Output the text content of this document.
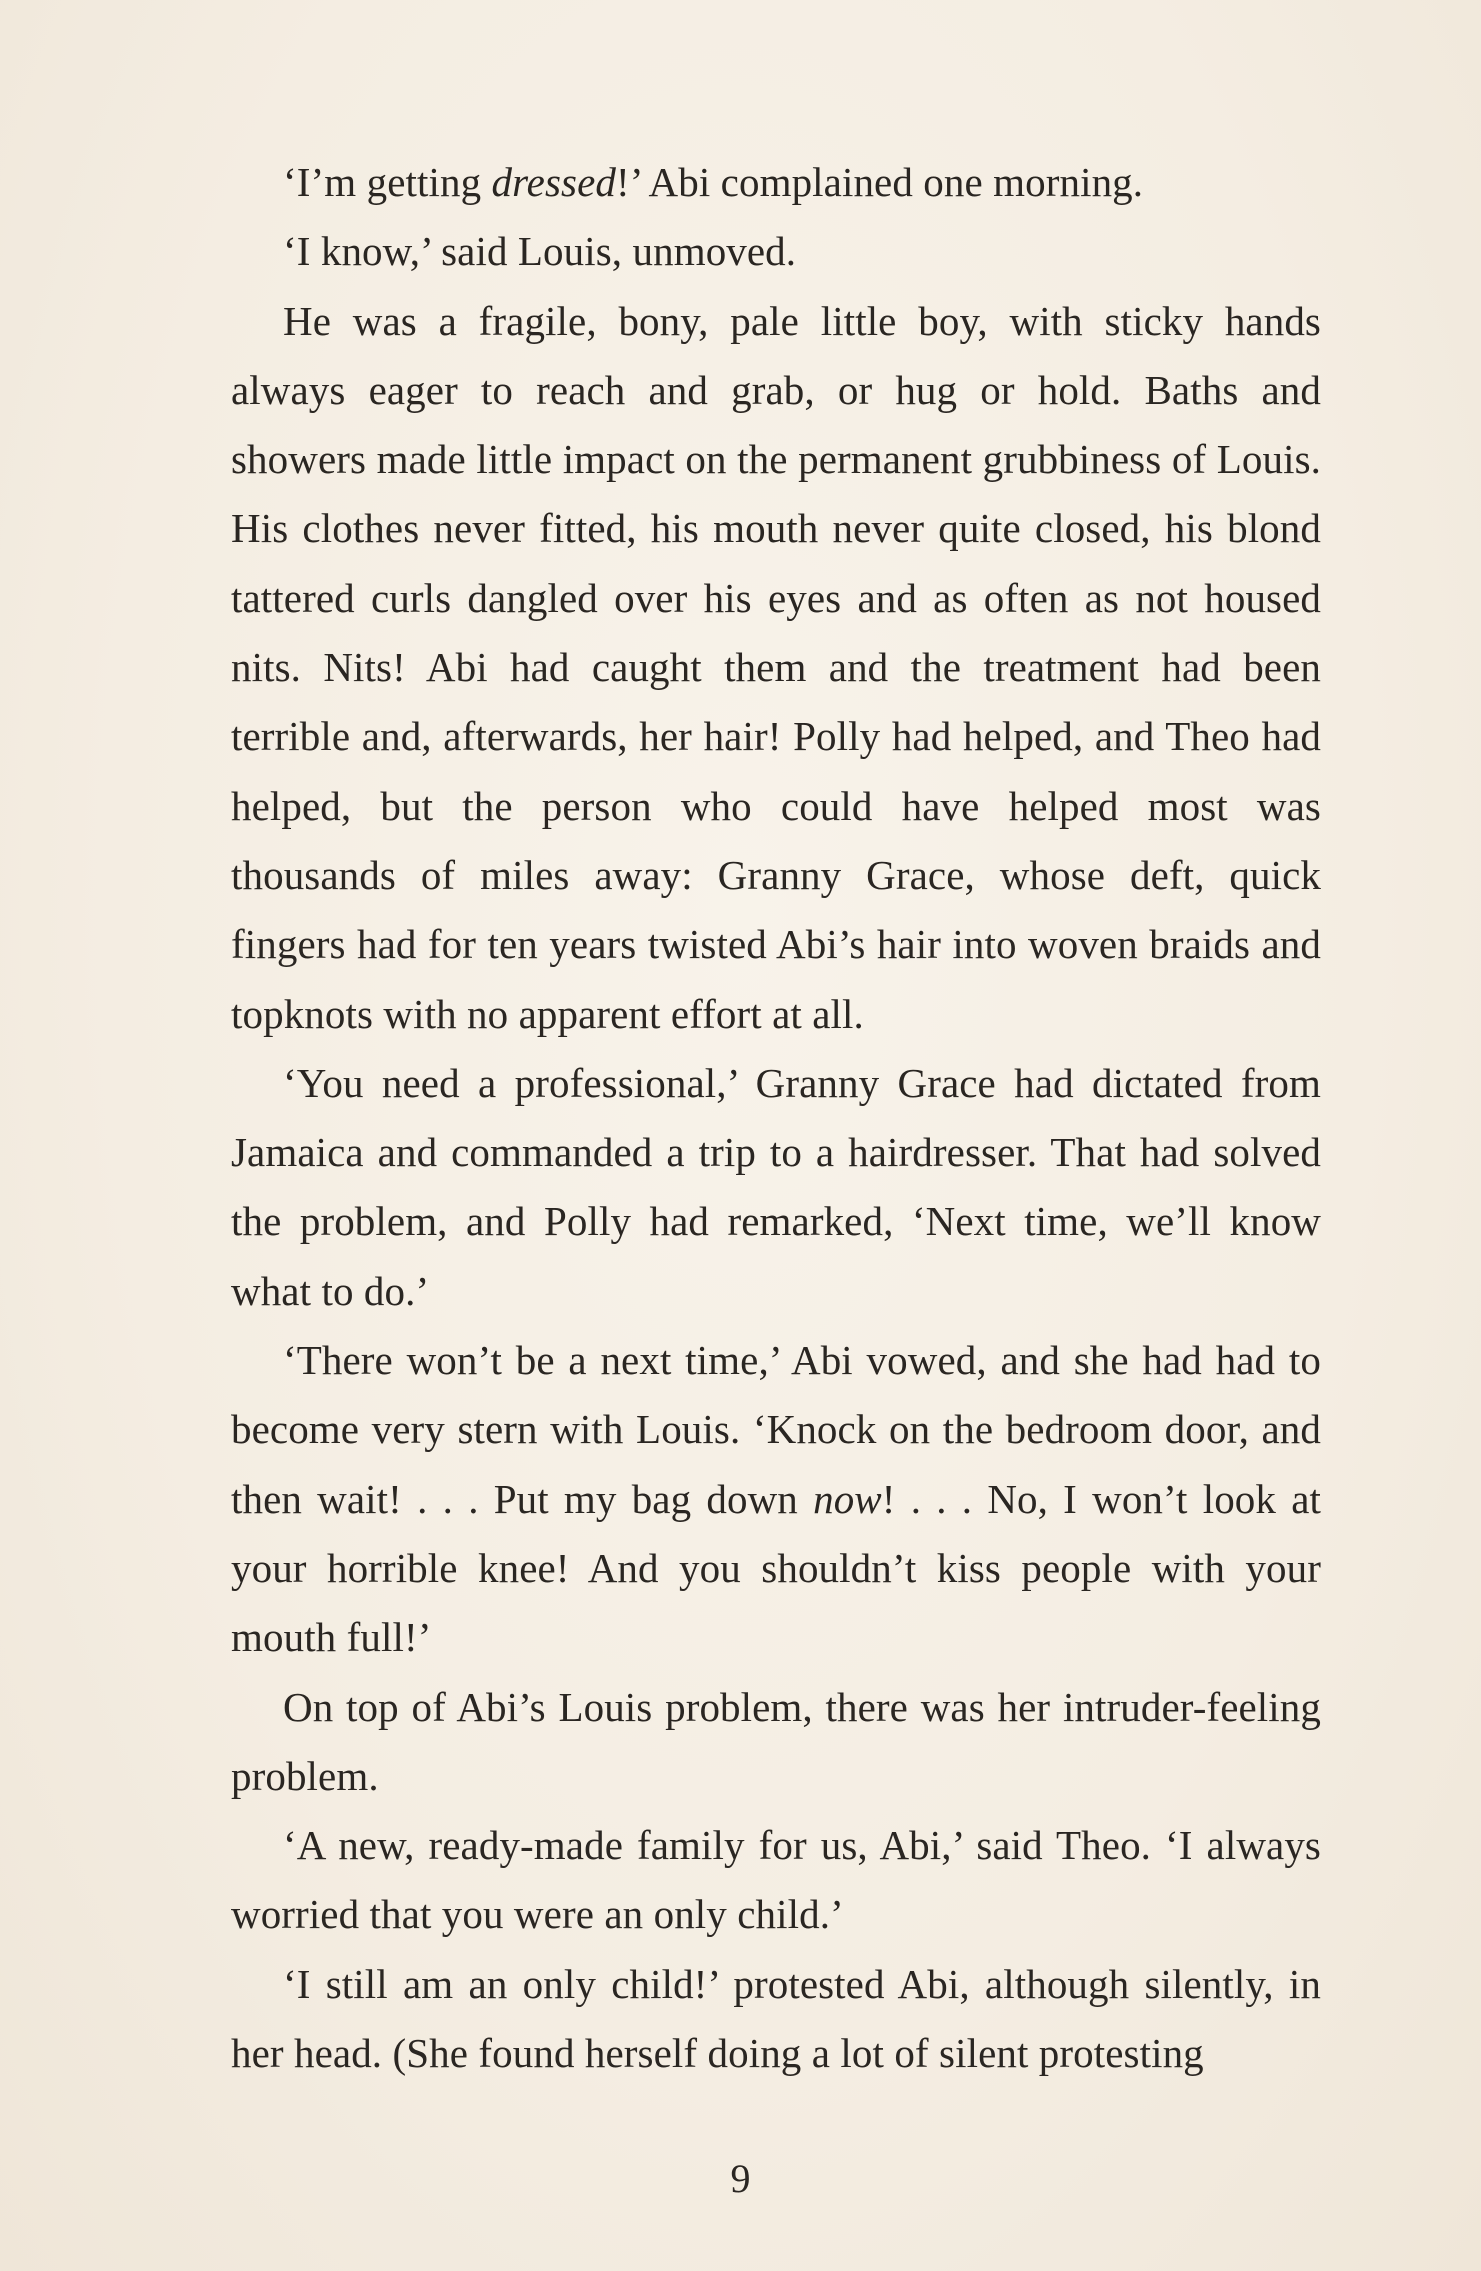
‘I’m getting dressed!’ Abi complained one morning.

‘I know,’ said Louis, unmoved.

He was a fragile, bony, pale little boy, with sticky hands always eager to reach and grab, or hug or hold. Baths and showers made little impact on the permanent grubbiness of Louis. His clothes never fitted, his mouth never quite closed, his blond tattered curls dangled over his eyes and as often as not housed nits. Nits! Abi had caught them and the treatment had been terrible and, afterwards, her hair! Polly had helped, and Theo had helped, but the person who could have helped most was thousands of miles away: Granny Grace, whose deft, quick fingers had for ten years twisted Abi’s hair into woven braids and topknots with no apparent effort at all.

‘You need a professional,’ Granny Grace had dictated from Jamaica and commanded a trip to a hairdresser. That had solved the problem, and Polly had remarked, ‘Next time, we’ll know what to do.’

‘There won’t be a next time,’ Abi vowed, and she had had to become very stern with Louis. ‘Knock on the bedroom door, and then wait! . . . Put my bag down now! . . . No, I won’t look at your horrible knee! And you shouldn’t kiss people with your mouth full!’

On top of Abi’s Louis problem, there was her intruder-feeling problem.

‘A new, ready-made family for us, Abi,’ said Theo. ‘I always worried that you were an only child.’

‘I still am an only child!’ protested Abi, although silently, in her head. (She found herself doing a lot of silent protesting

9
